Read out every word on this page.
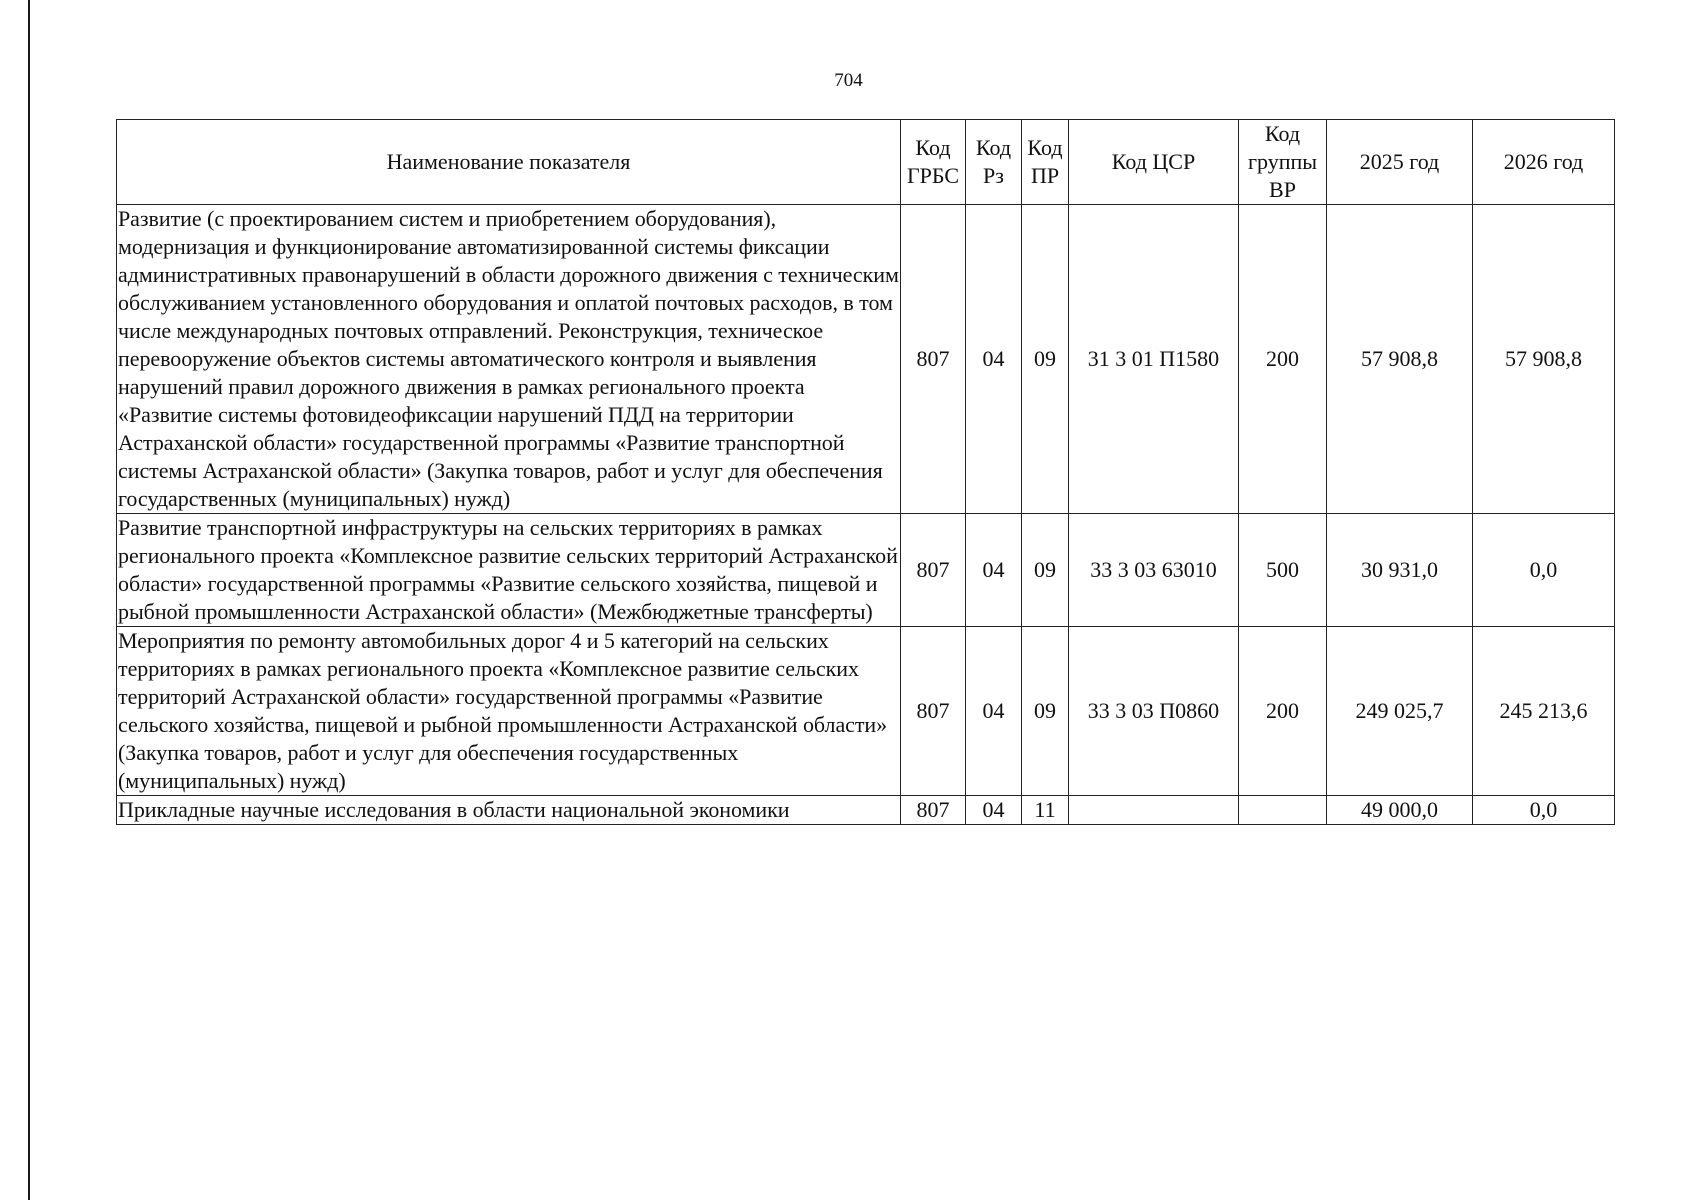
704
Наименование показателя	Код ГРБС	Код Рз	Код ПР	Код ЦСР	Код группы ВР	2025 год	2026 год
Развитие (с проектированием систем и приобретением оборудования), модернизация и функционирование автоматизированной системы фиксации административных правонарушений в области дорожного движения с техническим обслуживанием установленного оборудования и оплатой почтовых расходов, в том числе международных почтовых отправлений. Реконструкция, техническое перевооружение объектов системы автоматического контроля и выявления нарушений правил дорожного движения в рамках регионального проекта «Развитие системы фотовидеофиксации нарушений ПДД на территории Астраханской области» государственной программы «Развитие транспортной системы Астраханской области» (Закупка товаров, работ и услуг для обеспечения государственных (муниципальных) нужд)	807	04	09	31 3 01 П1580	200	57 908,8	57 908,8
Развитие транспортной инфраструктуры на сельских территориях в рамках регионального проекта «Комплексное развитие сельских территорий Астраханской области» государственной программы «Развитие сельского хозяйства, пищевой и рыбной промышленности Астраханской области» (Межбюджетные трансферты)	807	04	09	33 3 03 63010	500	30 931,0	0,0
Мероприятия по ремонту автомобильных дорог 4 и 5 категорий на сельских территориях в рамках регионального проекта «Комплексное развитие сельских территорий Астраханской области» государственной программы «Развитие сельского хозяйства, пищевой и рыбной промышленности Астраханской области» (Закупка товаров, работ и услуг для обеспечения государственных (муниципальных) нужд)	807	04	09	33 3 03 П0860	200	249 025,7	245 213,6
Прикладные научные исследования в области национальной экономики	807	04	11			49 000,0	0,0
